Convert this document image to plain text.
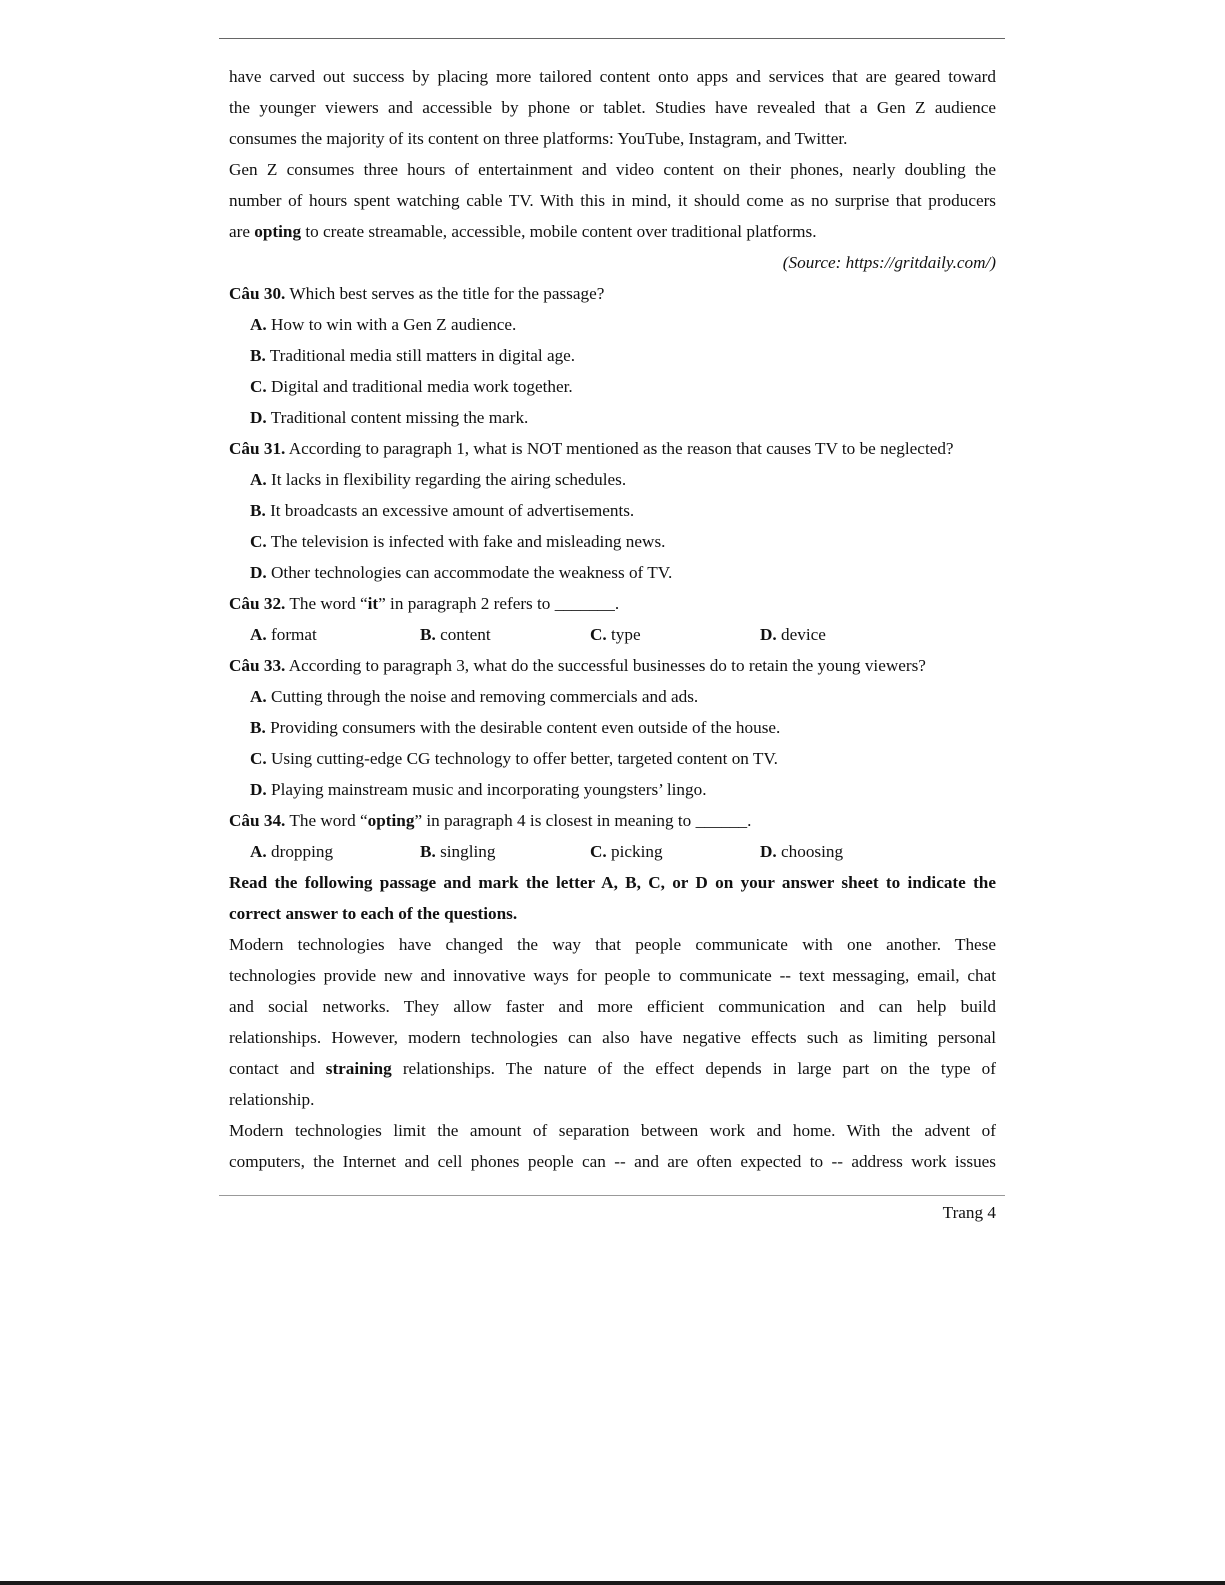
have carved out success by placing more tailored content onto apps and services that are geared toward
the younger viewers and accessible by phone or tablet. Studies have revealed that a Gen Z audience
consumes the majority of its content on three platforms: YouTube, Instagram, and Twitter.
Gen Z consumes three hours of entertainment and video content on their phones, nearly doubling the
number of hours spent watching cable TV. With this in mind, it should come as no surprise that producers
are opting to create streamable, accessible, mobile content over traditional platforms.
(Source: https://gritdaily.com/)
Câu 30. Which best serves as the title for the passage?
A. How to win with a Gen Z audience.
B. Traditional media still matters in digital age.
C. Digital and traditional media work together.
D. Traditional content missing the mark.
Câu 31. According to paragraph 1, what is NOT mentioned as the reason that causes TV to be neglected?
A. It lacks in flexibility regarding the airing schedules.
B. It broadcasts an excessive amount of advertisements.
C. The television is infected with fake and misleading news.
D. Other technologies can accommodate the weakness of TV.
Câu 32. The word “it” in paragraph 2 refers to _______.
A. format	B. content	C. type	D. device
Câu 33. According to paragraph 3, what do the successful businesses do to retain the young viewers?
A. Cutting through the noise and removing commercials and ads.
B. Providing consumers with the desirable content even outside of the house.
C. Using cutting-edge CG technology to offer better, targeted content on TV.
D. Playing mainstream music and incorporating youngsters’ lingo.
Câu 34. The word “opting” in paragraph 4 is closest in meaning to ______.
A. dropping	B. singling	C. picking	D. choosing
Read the following passage and mark the letter A, B, C, or D on your answer sheet to indicate the
correct answer to each of the questions.
Modern technologies have changed the way that people communicate with one another. These
technologies provide new and innovative ways for people to communicate -- text messaging, email, chat
and social networks. They allow faster and more efficient communication and can help build
relationships. However, modern technologies can also have negative effects such as limiting personal
contact and straining relationships. The nature of the effect depends in large part on the type of
relationship.
Modern technologies limit the amount of separation between work and home. With the advent of
computers, the Internet and cell phones people can -- and are often expected to -- address work issues
Trang 4
